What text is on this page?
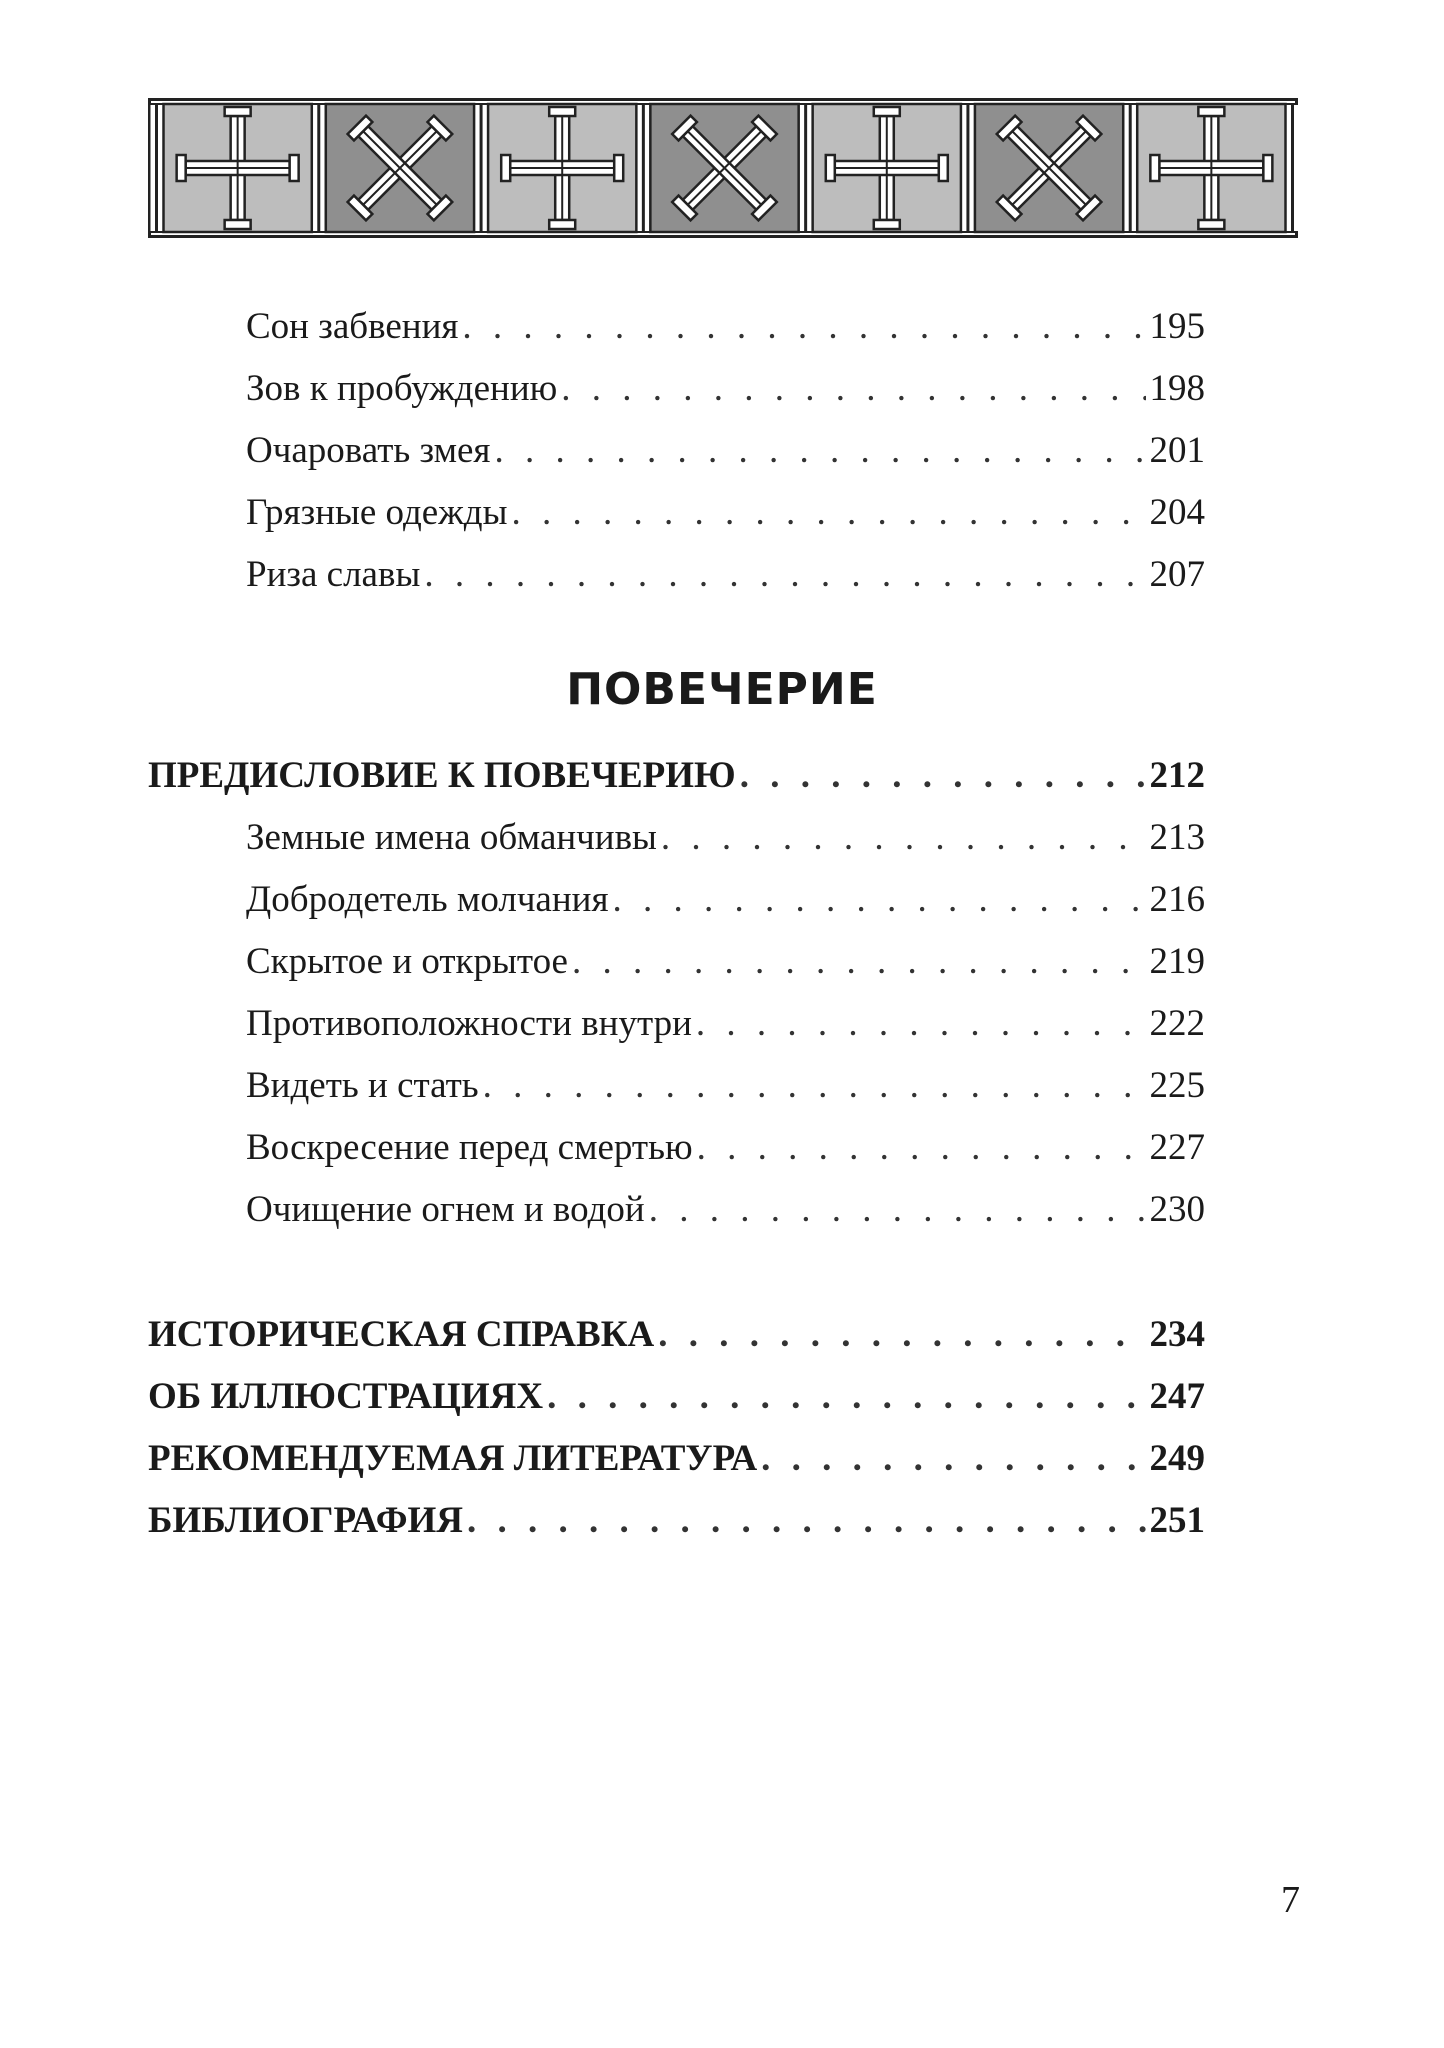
Сон забвения . . .	195
Зов к пробуждению . . .	198
Очаровать змея . . .	201
Грязные одежды . . .	204
Риза славы . . .	207
ПОВЕЧЕРИЕ
ПРЕДИСЛОВИЕ К ПОВЕЧЕРИЮ . .	212
Земные имена обманчивы . . .	213
Добродетель молчания . . .	216
Скрытое и открытое . . .	219
Противоположности внутри . . .	222
Видеть и стать . . .	225
Воскресение перед смертью . . .	227
Очищение огнем и водой . . .	230
ИСТОРИЧЕСКАЯ СПРАВКА . .	234
ОБ ИЛЛЮСТРАЦИЯХ . .	247
РЕКОМЕНДУЕМАЯ ЛИТЕРАТУРА . .	249
БИБЛИОГРАФИЯ . .	251
7
